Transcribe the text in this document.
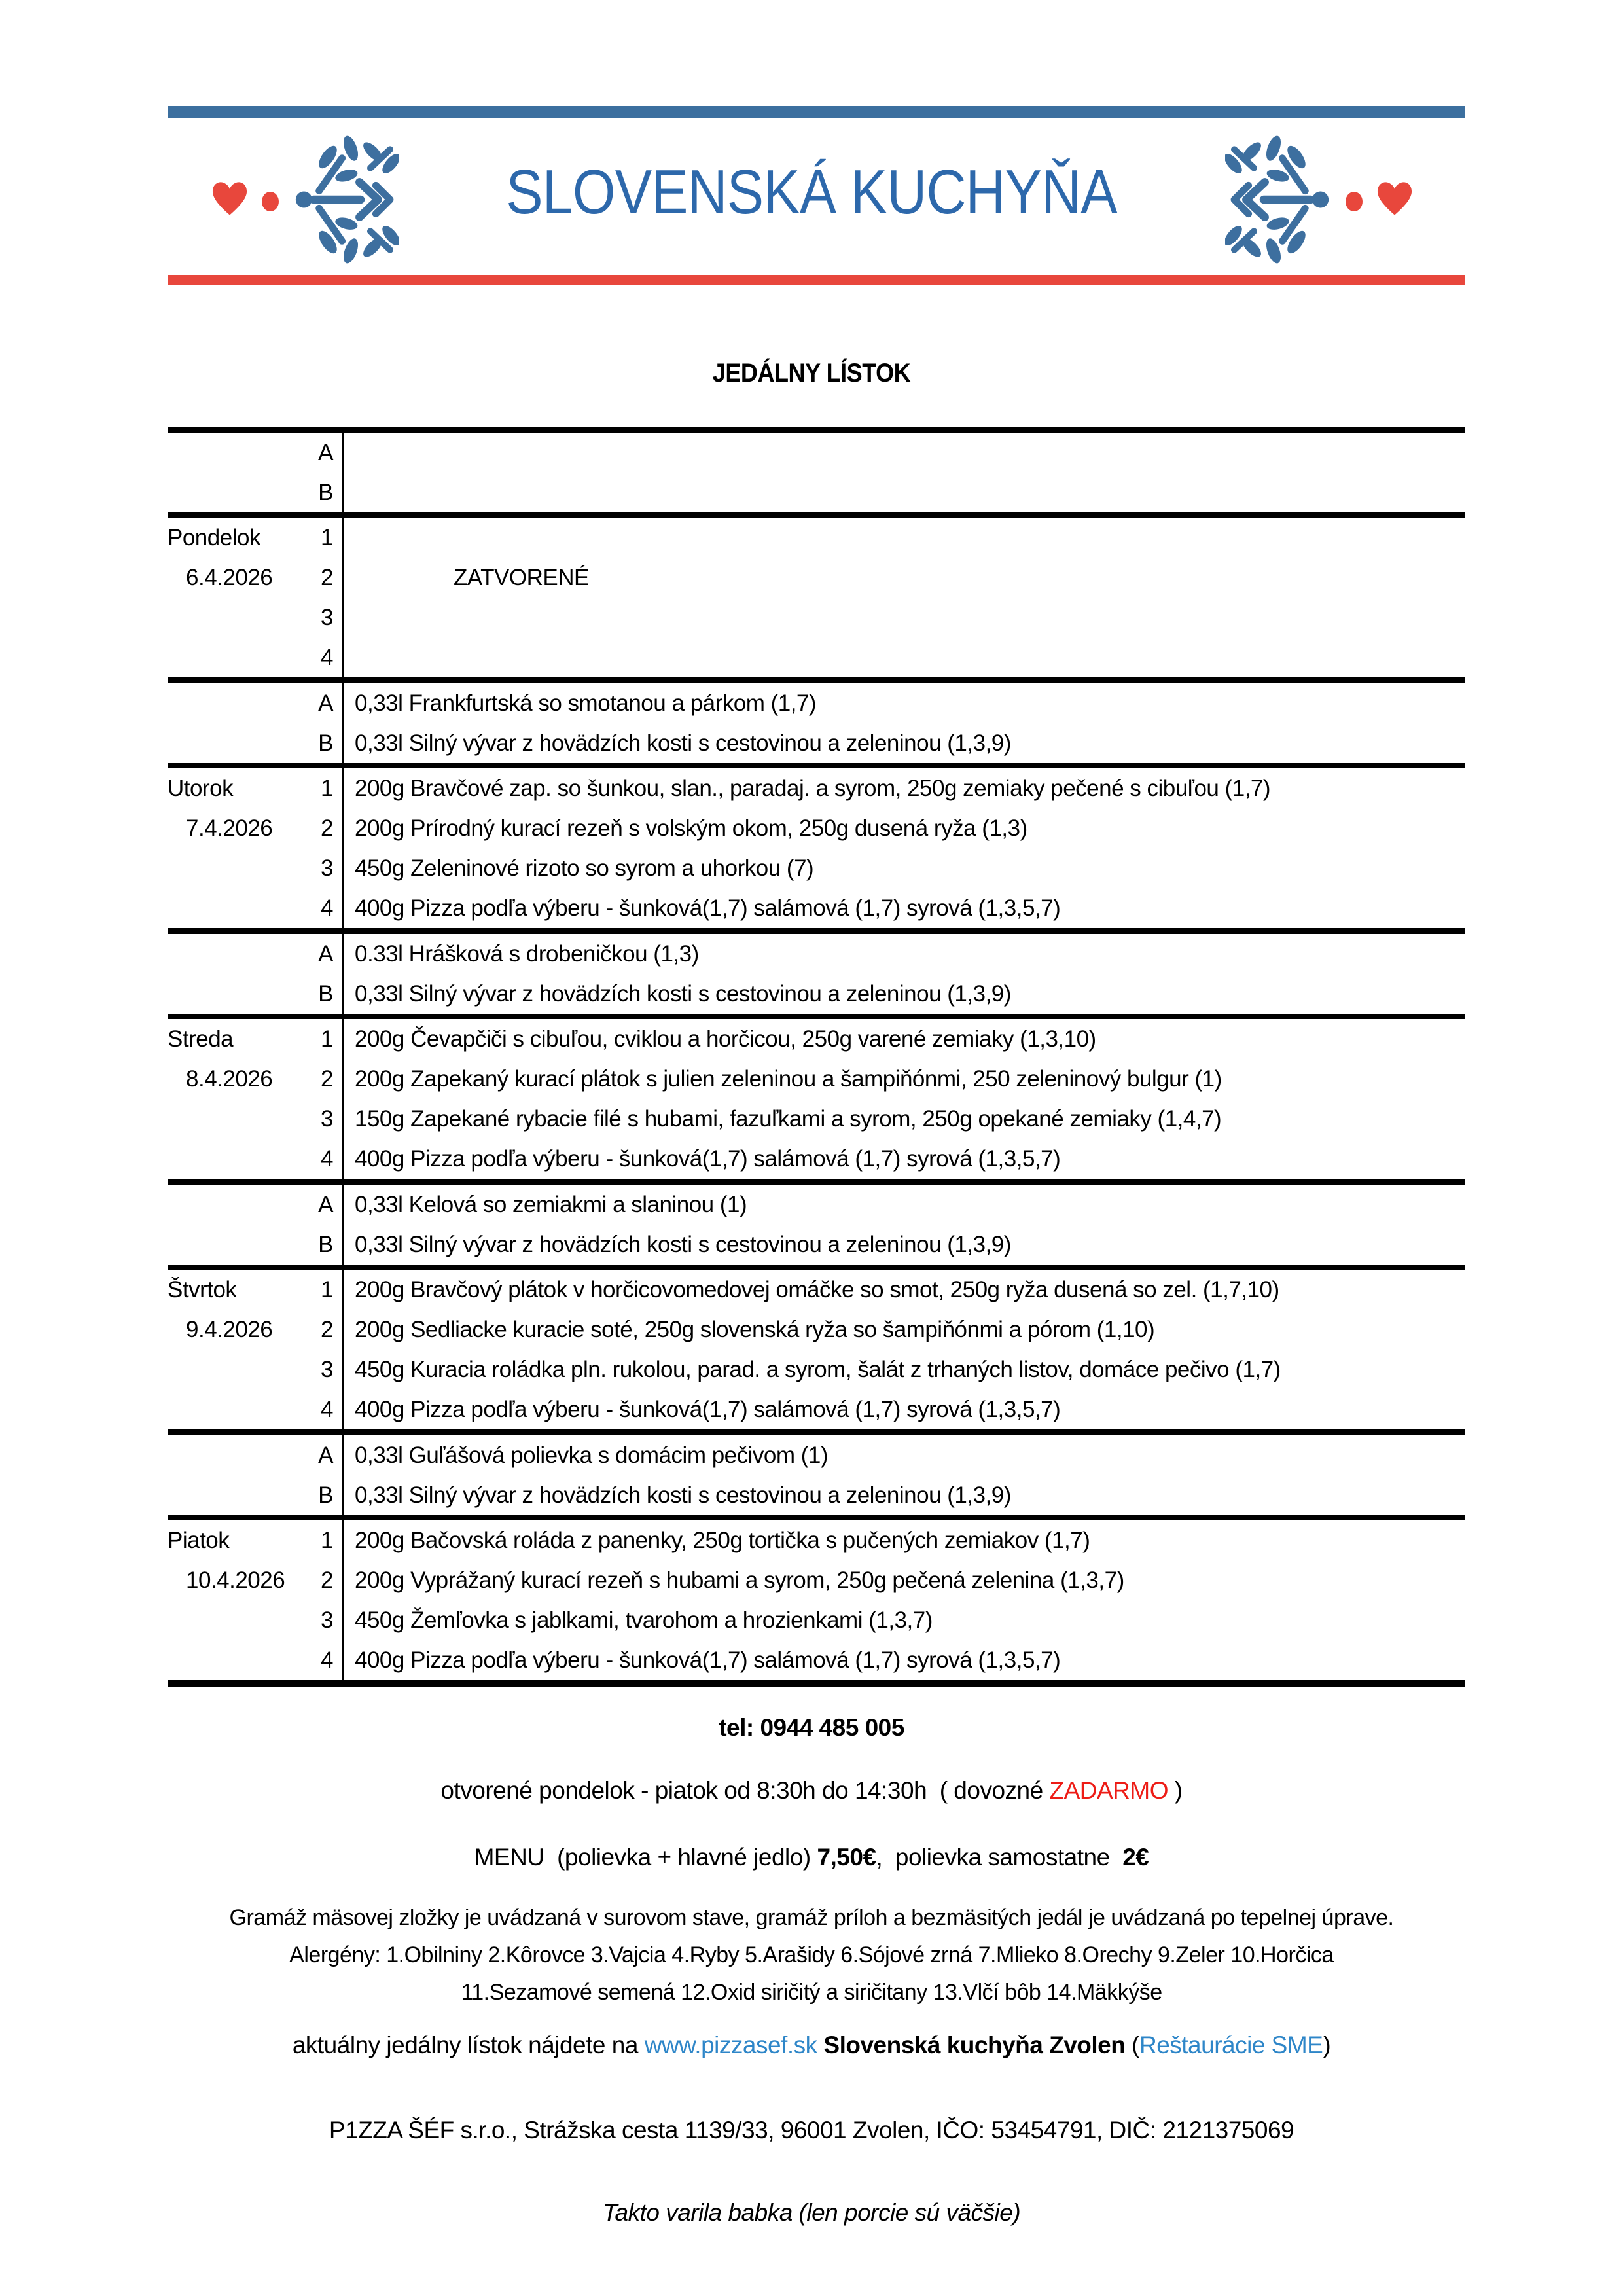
SLOVENSKÁ KUCHYŇA
JEDÁLNY LÍSTOK
A
B
Pondelok	1
6.4.2026	2	ZATVORENÉ
3
4
A 0,33l Frankfurtská so smotanou a párkom (1,7)
B 0,33l Silný vývar z hovädzích kosti s cestovinou a zeleninou (1,3,9)
Utorok	1 200g Bravčové zap. so šunkou, slan., paradaj. a syrom, 250g zemiaky pečené s cibuľou (1,7)
7.4.2026	2 200g Prírodný kurací rezeň s volským okom, 250g dusená ryža (1,3)
3 450g Zeleninové rizoto so syrom a uhorkou (7)
4 400g Pizza podľa výberu - šunková(1,7) salámová (1,7) syrová (1,3,5,7)
A 0.33l Hrášková s drobeničkou (1,3)
B 0,33l Silný vývar z hovädzích kosti s cestovinou a zeleninou (1,3,9)
Streda	1 200g Čevapčiči s cibuľou, cviklou a horčicou, 250g varené zemiaky (1,3,10)
8.4.2026	2 200g Zapekaný kurací plátok s julien zeleninou a šampiňónmi, 250 zeleninový bulgur (1)
3 150g Zapekané rybacie filé s hubami, fazuľkami a syrom, 250g opekané zemiaky (1,4,7)
4 400g Pizza podľa výberu - šunková(1,7) salámová (1,7) syrová (1,3,5,7)
A 0,33l Kelová so zemiakmi a slaninou (1)
B 0,33l Silný vývar z hovädzích kosti s cestovinou a zeleninou (1,3,9)
Štvrtok	1 200g Bravčový plátok v horčicovomedovej omáčke so smot, 250g ryža dusená so zel. (1,7,10)
9.4.2026	2 200g Sedliacke kuracie soté, 250g slovenská ryža so šampiňónmi a pórom (1,10)
3 450g Kuracia roládka pln. rukolou, parad. a syrom, šalát z trhaných listov, domáce pečivo (1,7)
4 400g Pizza podľa výberu - šunková(1,7) salámová (1,7) syrová (1,3,5,7)
A 0,33l Guľášová polievka s domácim pečivom (1)
B 0,33l Silný vývar z hovädzích kosti s cestovinou a zeleninou (1,3,9)
Piatok	1 200g Bačovská roláda z panenky, 250g tortička s pučených zemiakov (1,7)
10.4.2026	2 200g Vyprážaný kurací rezeň s hubami a syrom, 250g pečená zelenina (1,3,7)
3 450g Žemľovka s jablkami, tvarohom a hrozienkami (1,3,7)
4 400g Pizza podľa výberu - šunková(1,7) salámová (1,7) syrová (1,3,5,7)
tel: 0944 485 005
otvorené pondelok - piatok od 8:30h do 14:30h  ( dovozné ZADARMO )
MENU  (polievka + hlavné jedlo) 7,50€,  polievka samostatne  2€
Gramáž mäsovej zložky je uvádzaná v surovom stave, gramáž príloh a bezmäsitých jedál je uvádzaná po tepelnej úprave.
Alergény: 1.Obilniny 2.Kôrovce 3.Vajcia 4.Ryby 5.Arašidy 6.Sójové zrná 7.Mlieko 8.Orechy 9.Zeler 10.Horčica
11.Sezamové semená 12.Oxid siričitý a siričitany 13.Vlčí bôb 14.Mäkkýše
aktuálny jedálny lístok nájdete na www.pizzasef.sk Slovenská kuchyňa Zvolen (Reštaurácie SME)
P1ZZA ŠÉF s.r.o., Strážska cesta 1139/33, 96001 Zvolen, IČO: 53454791, DIČ: 2121375069
Takto varila babka (len porcie sú väčšie)
